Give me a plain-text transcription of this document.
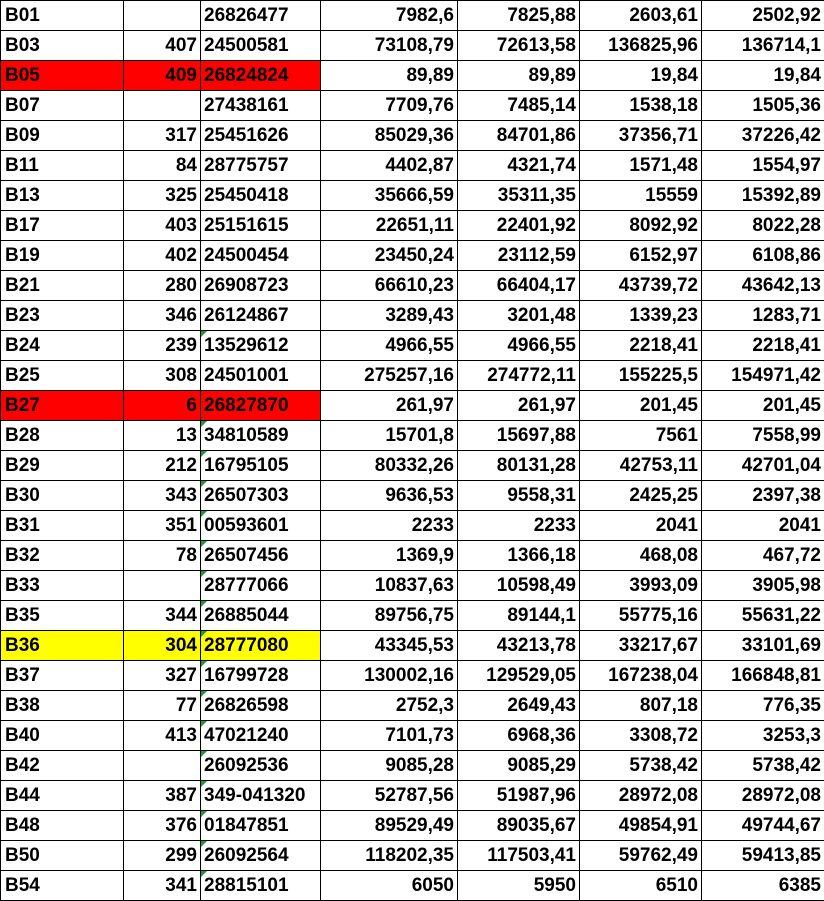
B01		26826477	7982,6	7825,88	2603,61	2502,92
B03	407	24500581	73108,79	72613,58	136825,96	136714,1
B05	409	26824824	89,89	89,89	19,84	19,84
B07		27438161	7709,76	7485,14	1538,18	1505,36
B09	317	25451626	85029,36	84701,86	37356,71	37226,42
B11	84	28775757	4402,87	4321,74	1571,48	1554,97
B13	325	25450418	35666,59	35311,35	15559	15392,89
B17	403	25151615	22651,11	22401,92	8092,92	8022,28
B19	402	24500454	23450,24	23112,59	6152,97	6108,86
B21	280	26908723	66610,23	66404,17	43739,72	43642,13
B23	346	26124867	3289,43	3201,48	1339,23	1283,71
B24	239	13529612	4966,55	4966,55	2218,41	2218,41
B25	308	24501001	275257,16	274772,11	155225,5	154971,42
B27	6	26827870	261,97	261,97	201,45	201,45
B28	13	34810589	15701,8	15697,88	7561	7558,99
B29	212	16795105	80332,26	80131,28	42753,11	42701,04
B30	343	26507303	9636,53	9558,31	2425,25	2397,38
B31	351	00593601	2233	2233	2041	2041
B32	78	26507456	1369,9	1366,18	468,08	467,72
B33		28777066	10837,63	10598,49	3993,09	3905,98
B35	344	26885044	89756,75	89144,1	55775,16	55631,22
B36	304	28777080	43345,53	43213,78	33217,67	33101,69
B37	327	16799728	130002,16	129529,05	167238,04	166848,81
B38	77	26826598	2752,3	2649,43	807,18	776,35
B40	413	47021240	7101,73	6968,36	3308,72	3253,3
B42		26092536	9085,28	9085,29	5738,42	5738,42
B44	387	349-041320	52787,56	51987,96	28972,08	28972,08
B48	376	01847851	89529,49	89035,67	49854,91	49744,67
B50	299	26092564	118202,35	117503,41	59762,49	59413,85
B54	341	28815101	6050	5950	6510	6385
